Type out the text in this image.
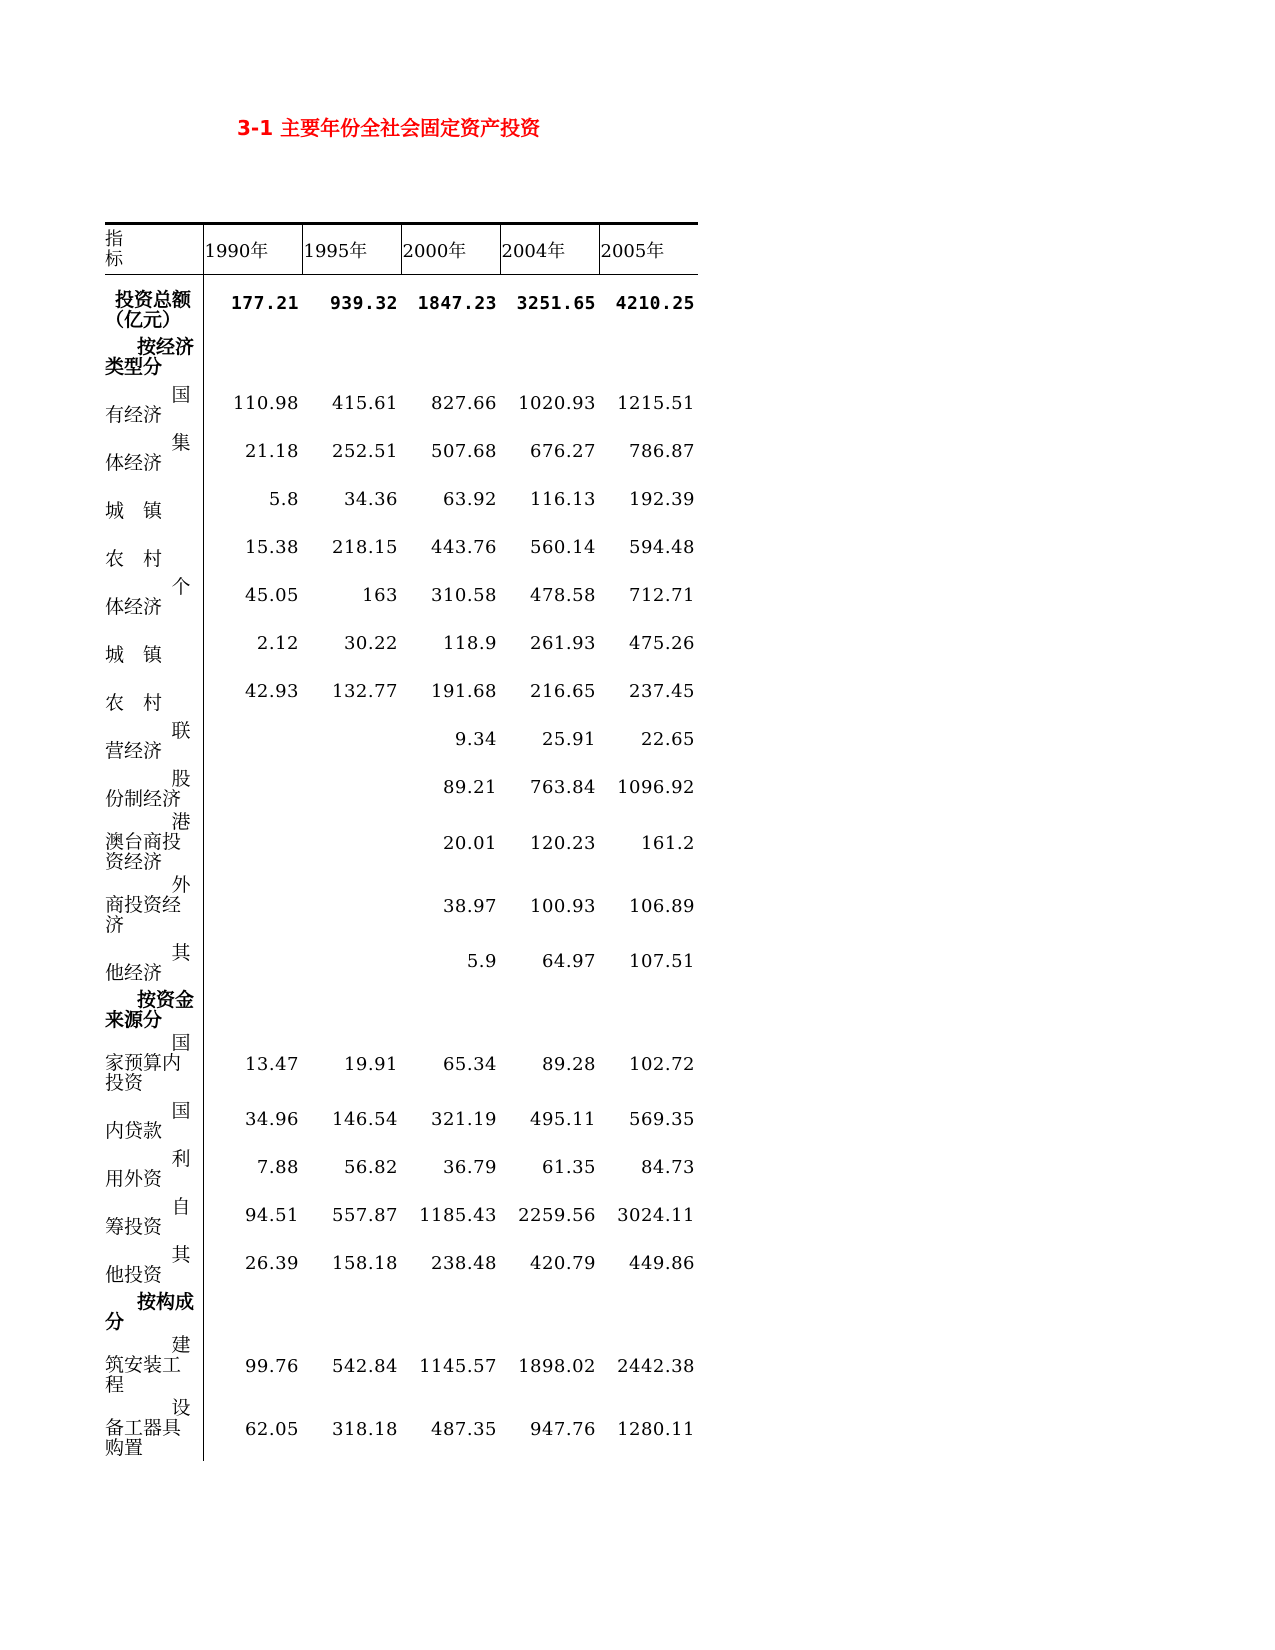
3-1 主要年份全社会固定资产投资
指
标	1990年	1995年	2000年	2004年	2005年

投资总额
（亿元）	177.21	939.32	1847.23	3251.65	4210.25

按经济
类型分					

国
有经济	110.98	415.61	827.66	1020.93	1215.51

集
体经济	21.18	252.51	507.68	676.27	786.87

城　镇	5.8	34.36	63.92	116.13	192.39

农　村	15.38	218.15	443.76	560.14	594.48

个
体经济	45.05	163	310.58	478.58	712.71

城　镇	2.12	30.22	118.9	261.93	475.26

农　村	42.93	132.77	191.68	216.65	237.45

联
营经济			9.34	25.91	22.65

股
份制经济			89.21	763.84	1096.92

港
澳台商投
资经济			20.01	120.23	161.2

外
商投资经
济			38.97	100.93	106.89

其
他经济			5.9	64.97	107.51

按资金
来源分					

国
家预算内
投资	13.47	19.91	65.34	89.28	102.72

国
内贷款	34.96	146.54	321.19	495.11	569.35

利
用外资	7.88	56.82	36.79	61.35	84.73

自
筹投资	94.51	557.87	1185.43	2259.56	3024.11

其
他投资	26.39	158.18	238.48	420.79	449.86

按构成
分					

建
筑安装工
程	99.76	542.84	1145.57	1898.02	2442.38

设
备工器具
购置	62.05	318.18	487.35	947.76	1280.11
